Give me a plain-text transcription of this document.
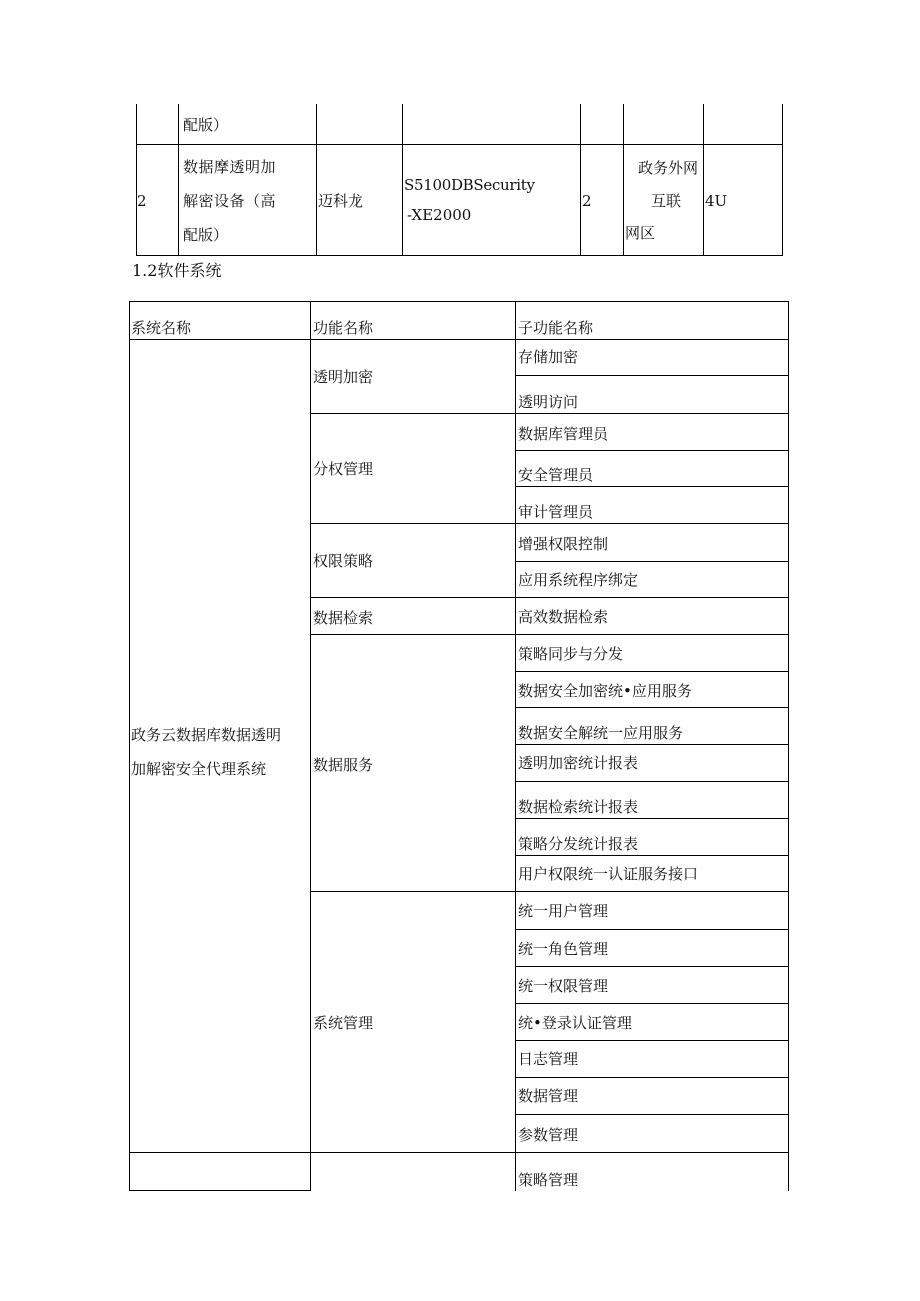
配版）
2
数据摩透明加
解密设备（高
配版）
迈科龙
S5100DBSecurity
-XE2000
2
政务外网
互联
网区
4U
1.2软件系统
系统名称	功能名称	子功能名称
政务云数据库数据透明
加解密安全代理系统
透明加密
分权管理
权限策略
数据检索
数据服务
系统管理
存储加密
透明访问
数据库管理员
安全管理员
审计管理员
增强权限控制
应用系统程序绑定
高效数据检索
策略同步与分发
数据安全加密统•应用服务
数据安全解统一应用服务
透明加密统计报表
数据检索统计报表
策略分发统计报表
用户权限统一认证服务接口
统一用户管理
统一角色管理
统一权限管理
统•登录认证管理
日志管理
数据管理
参数管理
策略管理
